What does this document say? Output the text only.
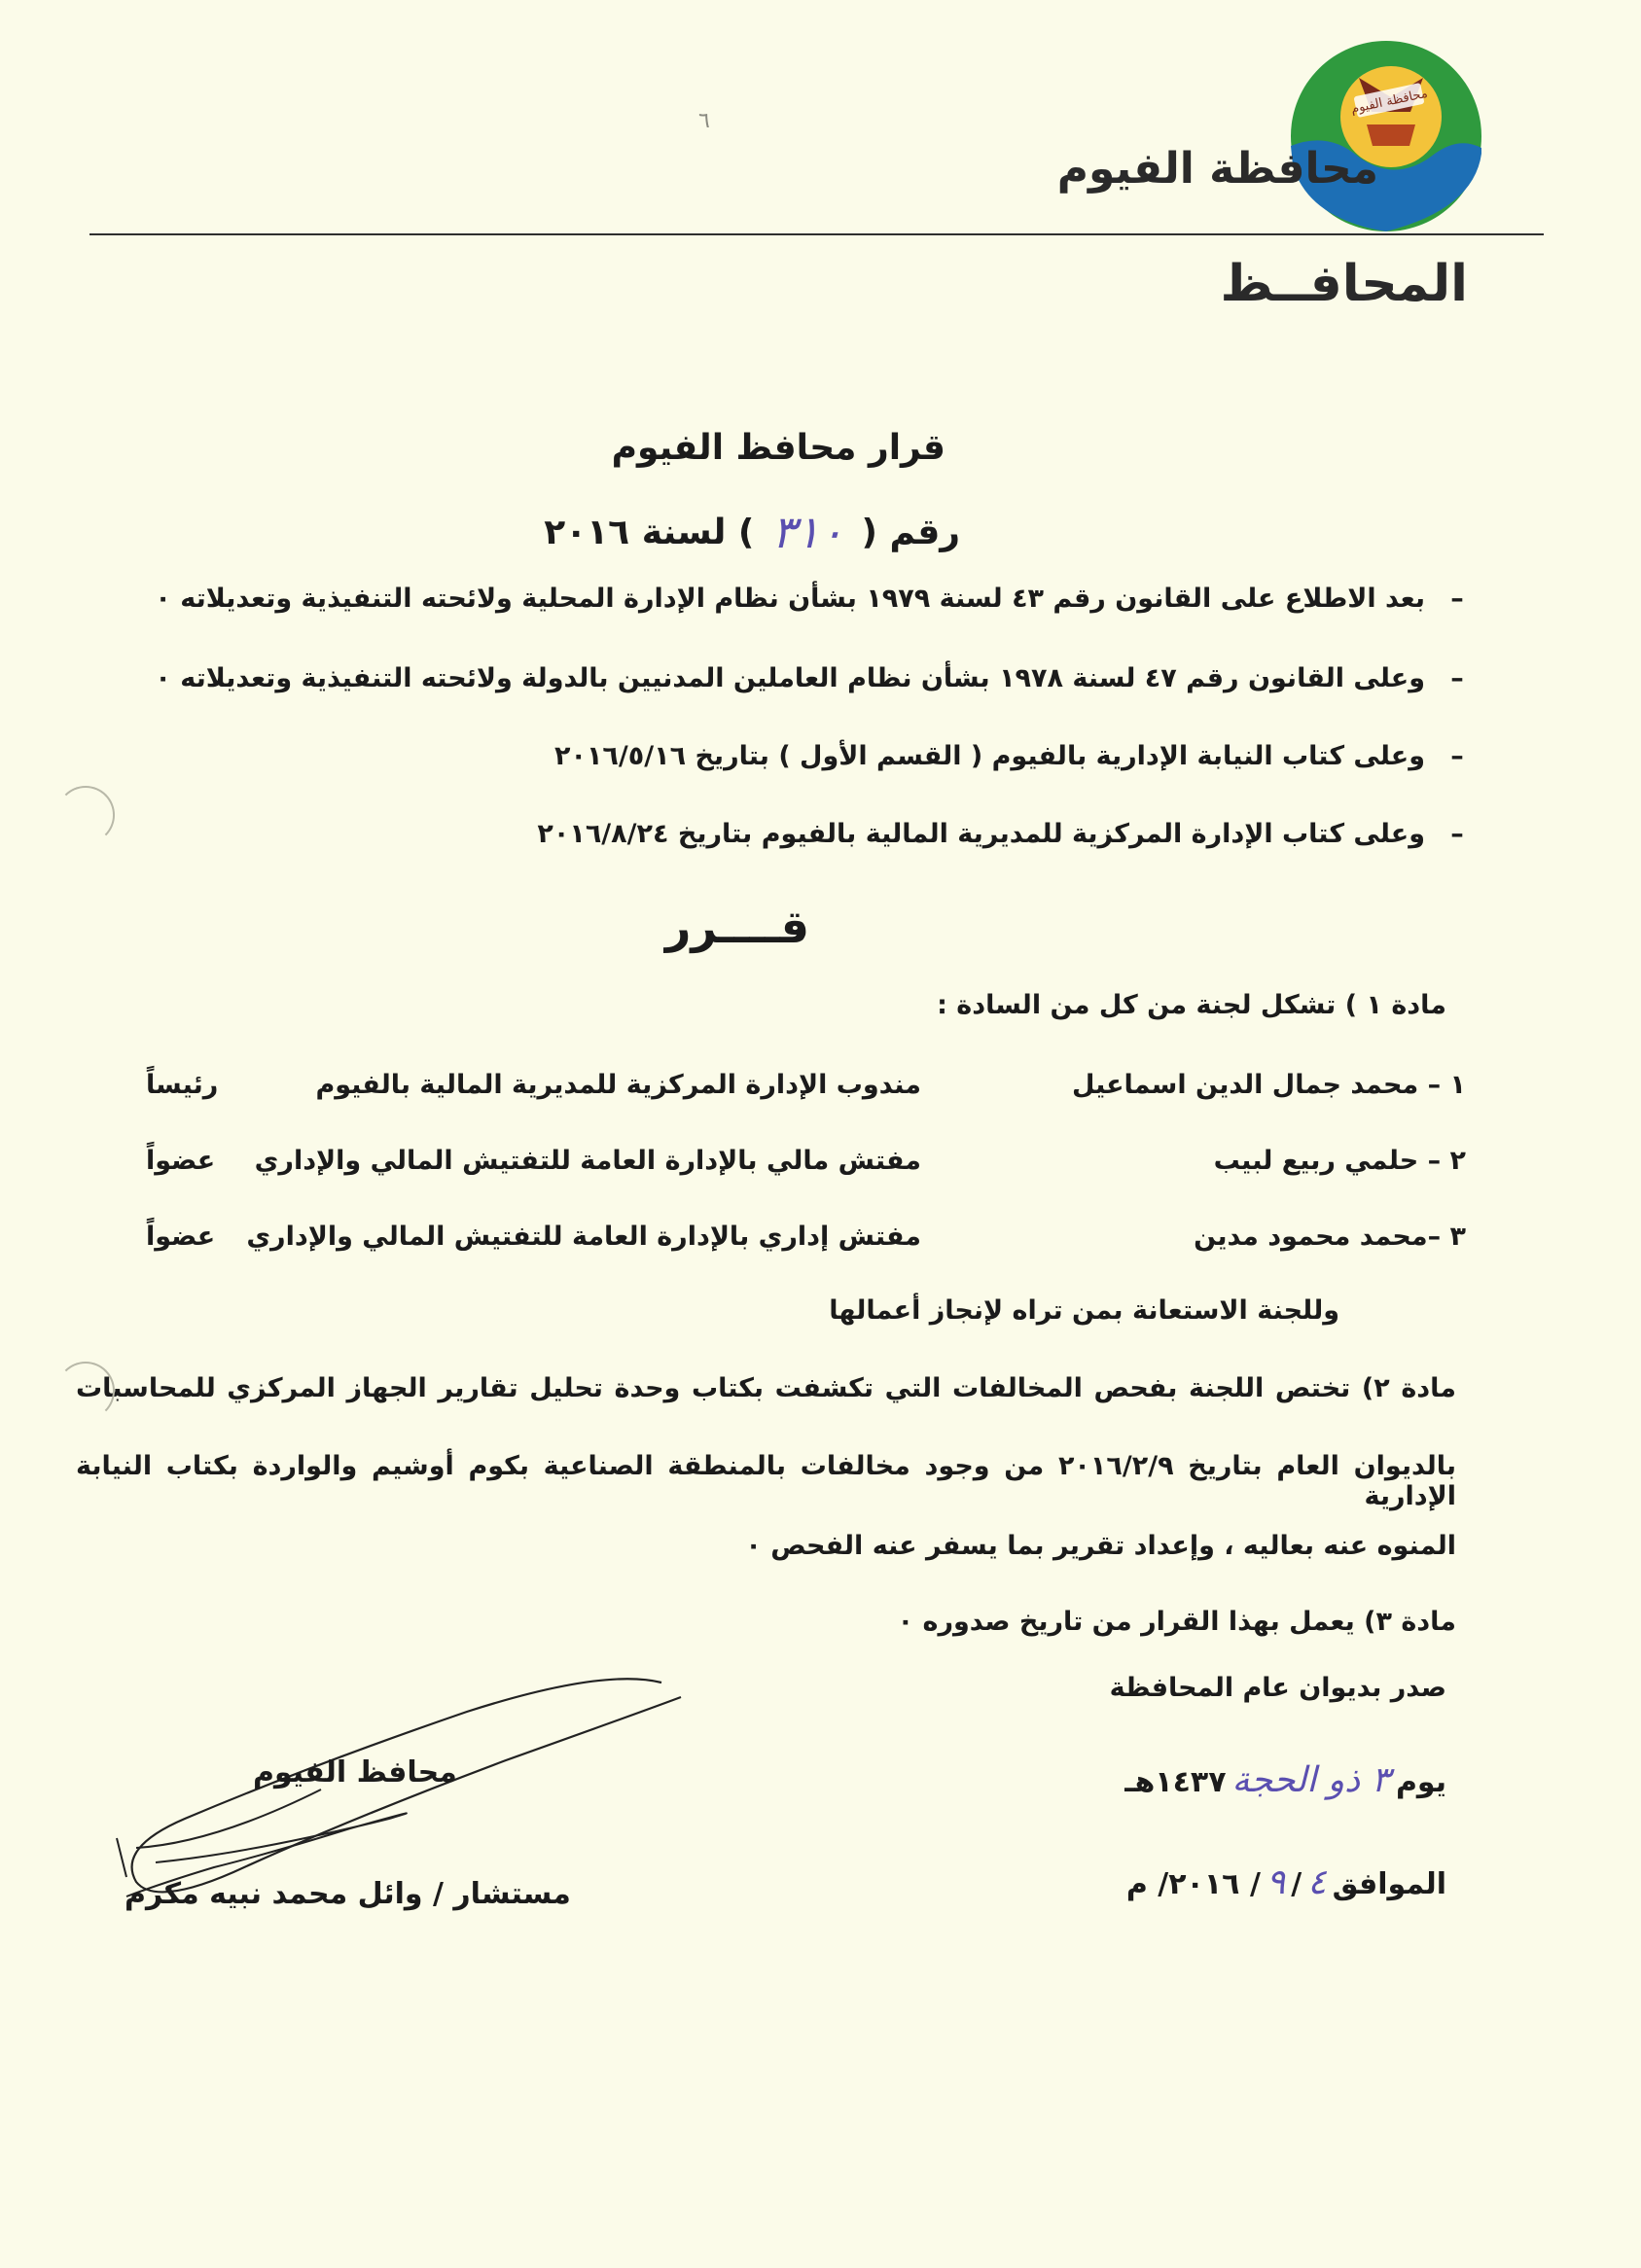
محافظة الفيوم
محافظة الفيوم
٦
المحافــظ
قرار محافظ الفيوم
رقم (
٣١٠
) لسنة ٢٠١٦
–
بعد الاطلاع على القانون رقم ٤٣ لسنة ١٩٧٩ بشأن نظام الإدارة المحلية ولائحته التنفيذية وتعديلاته ٠
–
وعلى القانون رقم ٤٧ لسنة ١٩٧٨ بشأن نظام العاملين المدنيين بالدولة ولائحته التنفيذية وتعديلاته ٠
–
وعلى كتاب النيابة الإدارية بالفيوم ( القسم الأول ) بتاريخ ٢٠١٦/٥/١٦
–
وعلى كتاب الإدارة المركزية للمديرية المالية بالفيوم بتاريخ ٢٠١٦/٨/٢٤
قــــرر
مادة ١ ) تشكل لجنة من كل من السادة :
١ – محمد جمال الدين اسماعيل
مندوب الإدارة المركزية للمديرية المالية بالفيوم
رئيساً
٢ – حلمي ربيع لبيب
مفتش مالي بالإدارة العامة للتفتيش المالي والإداري
عضواً
٣ –محمد محمود مدين
مفتش إداري بالإدارة العامة للتفتيش المالي والإداري
عضواً
وللجنة الاستعانة بمن تراه لإنجاز أعمالها
مادة ٢) تختص اللجنة بفحص المخالفات التي تكشفت بكتاب وحدة تحليل تقارير الجهاز المركزي للمحاسبات
بالديوان العام بتاريخ ٢٠١٦/٢/٩ من وجود مخالفات بالمنطقة الصناعية بكوم أوشيم والواردة بكتاب النيابة الإدارية
المنوه عنه بعاليه ، وإعداد تقرير بما يسفر عنه الفحص ٠
مادة ٣) يعمل بهذا القرار من تاريخ صدوره ٠
صدر بديوان عام المحافظة
يوم
٣ ذو الحجة
١٤٣٧هـ
الموافق
٤
/
٩
/ ٢٠١٦/ م
محافظ الفيوم
مستشار / وائل محمد نبيه مكرم
